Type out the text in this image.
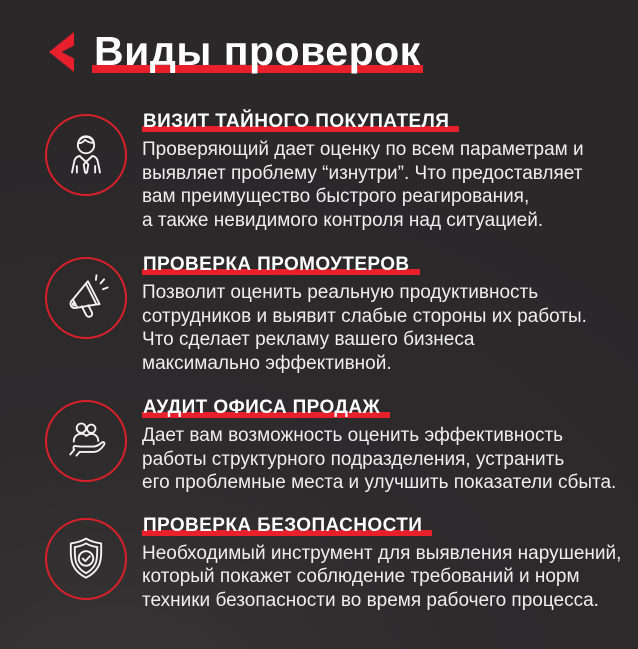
Виды проверок
ВИЗИТ ТАЙНОГО ПОКУПАТЕЛЯ
Проверяющий дает оценку по всем параметрам и
выявляет проблему “изнутри”. Что предоставляет
вам преимущество быстрого реагирования,
а также невидимого контроля над ситуацией.
ПРОВЕРКА ПРОМОУТЕРОВ
Позволит оценить реальную продуктивность
сотрудников и выявит слабые стороны их работы.
Что сделает рекламу вашего бизнеса
максимально эффективной.
АУДИТ ОФИСА ПРОДАЖ
Дает вам возможность оценить эффективность
работы структурного подразделения, устранить
его проблемные места и улучшить показатели сбыта.
ПРОВЕРКА БЕЗОПАСНОСТИ
Необходимый инструмент для выявления нарушений,
который покажет соблюдение требований и норм
техники безопасности во время рабочего процесса.
